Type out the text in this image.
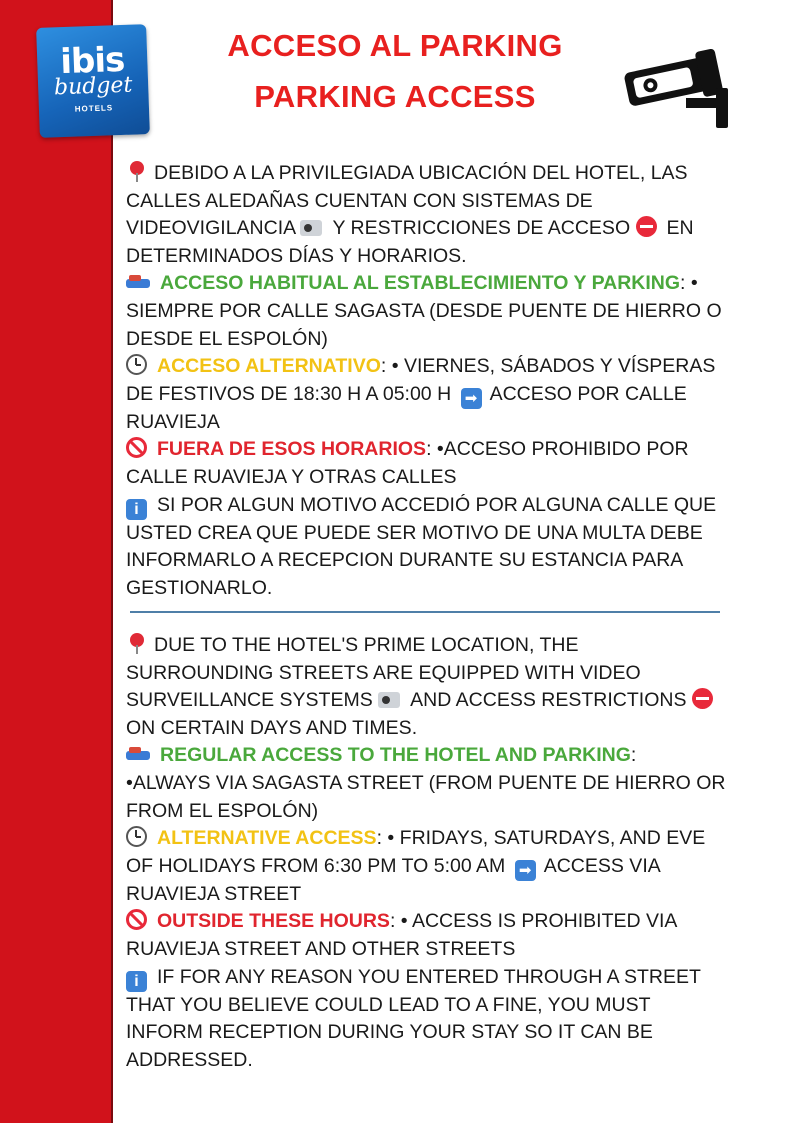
ibis
budget
HOTELS
ACCESO AL PARKING
PARKING ACCESS

DEBIDO A LA PRIVILEGIADA UBICACIÓN DEL HOTEL, LAS CALLES ALEDAÑAS CUENTAN CON SISTEMAS DE VIDEOVIGILANCIA Y RESTRICCIONES DE ACCESO EN DETERMINADOS DÍAS Y HORARIOS.

ACCESO HABITUAL AL ESTABLECIMIENTO Y PARKING: • SIEMPRE POR CALLE SAGASTA (DESDE PUENTE DE HIERRO O DESDE EL ESPOLÓN)

ACCESO ALTERNATIVO: • VIERNES, SÁBADOS Y VÍSPERAS DE FESTIVOS DE 18:30 H A 05:00 H ➡ ACCESO POR CALLE RUAVIEJA

FUERA DE ESOS HORARIOS: •ACCESO PROHIBIDO POR CALLE RUAVIEJA Y OTRAS CALLES

i SI POR ALGUN MOTIVO ACCEDIÓ POR ALGUNA CALLE QUE USTED CREA QUE PUEDE SER MOTIVO DE UNA MULTA DEBE INFORMARLO A RECEPCION DURANTE SU ESTANCIA PARA GESTIONARLO.

DUE TO THE HOTEL'S PRIME LOCATION, THE SURROUNDING STREETS ARE EQUIPPED WITH VIDEO SURVEILLANCE SYSTEMS AND ACCESS RESTRICTIONS ON CERTAIN DAYS AND TIMES.

REGULAR ACCESS TO THE HOTEL AND PARKING: •ALWAYS VIA SAGASTA STREET (FROM PUENTE DE HIERRO OR FROM EL ESPOLÓN)

ALTERNATIVE ACCESS: • FRIDAYS, SATURDAYS, AND EVE OF HOLIDAYS FROM 6:30 PM TO 5:00 AM ➡ ACCESS VIA RUAVIEJA STREET

OUTSIDE THESE HOURS: • ACCESS IS PROHIBITED VIA RUAVIEJA STREET AND OTHER STREETS

i IF FOR ANY REASON YOU ENTERED THROUGH A STREET THAT YOU BELIEVE COULD LEAD TO A FINE, YOU MUST INFORM RECEPTION DURING YOUR STAY SO IT CAN BE ADDRESSED.
